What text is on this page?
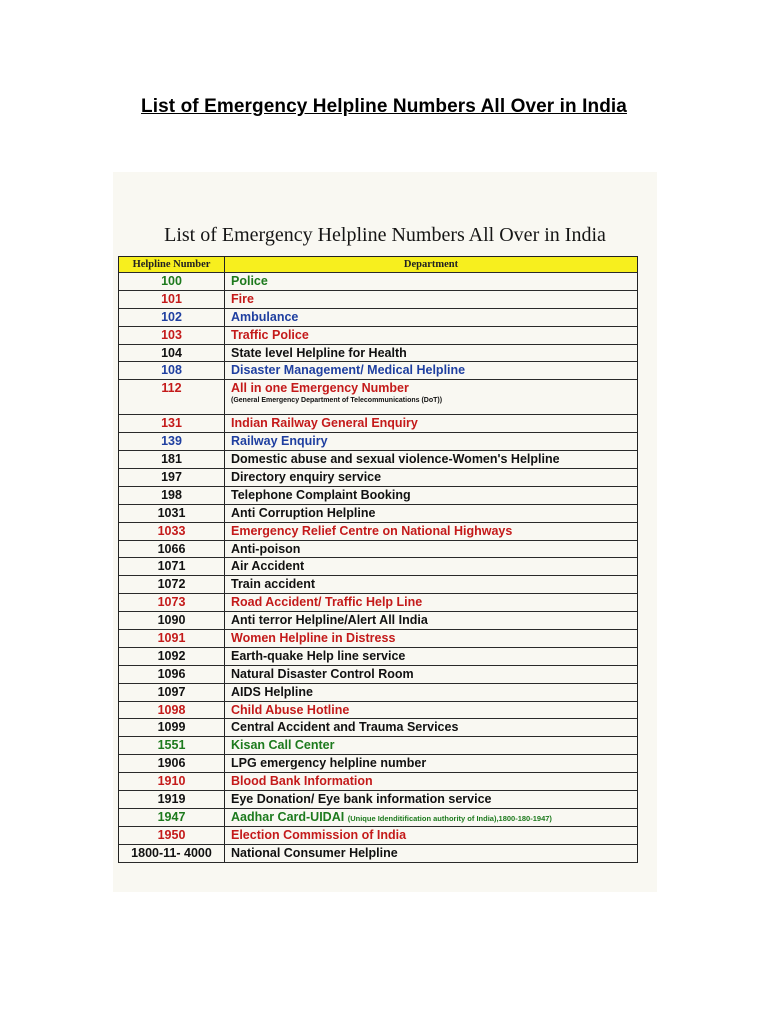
List of Emergency Helpline Numbers All Over in India
List of Emergency Helpline Numbers All Over in India
Helpline Number	Department
100	Police
101	Fire
102	Ambulance
103	Traffic Police
104	State level Helpline for Health
108	Disaster Management/ Medical Helpline
112	All in one Emergency Number
(General Emergency Department of Telecommunications (DoT))
131	Indian Railway General Enquiry
139	Railway Enquiry
181	Domestic abuse and sexual violence-Women's Helpline
197	Directory enquiry service
198	Telephone Complaint Booking
1031	Anti Corruption Helpline
1033	Emergency Relief Centre on National Highways
1066	Anti-poison
1071	Air Accident
1072	Train accident
1073	Road Accident/ Traffic Help Line
1090	Anti terror Helpline/Alert All India
1091	Women Helpline in Distress
1092	Earth-quake Help line service
1096	Natural Disaster Control Room
1097	AIDS Helpline
1098	Child Abuse Hotline
1099	Central Accident and Trauma Services
1551	Kisan Call Center
1906	LPG emergency helpline number
1910	Blood Bank Information
1919	Eye Donation/ Eye bank information service
1947	Aadhar Card-UIDAI (Unique Idenditification authority of India),1800-180-1947)
1950	Election Commission of India
1800-11- 4000	National Consumer Helpline
